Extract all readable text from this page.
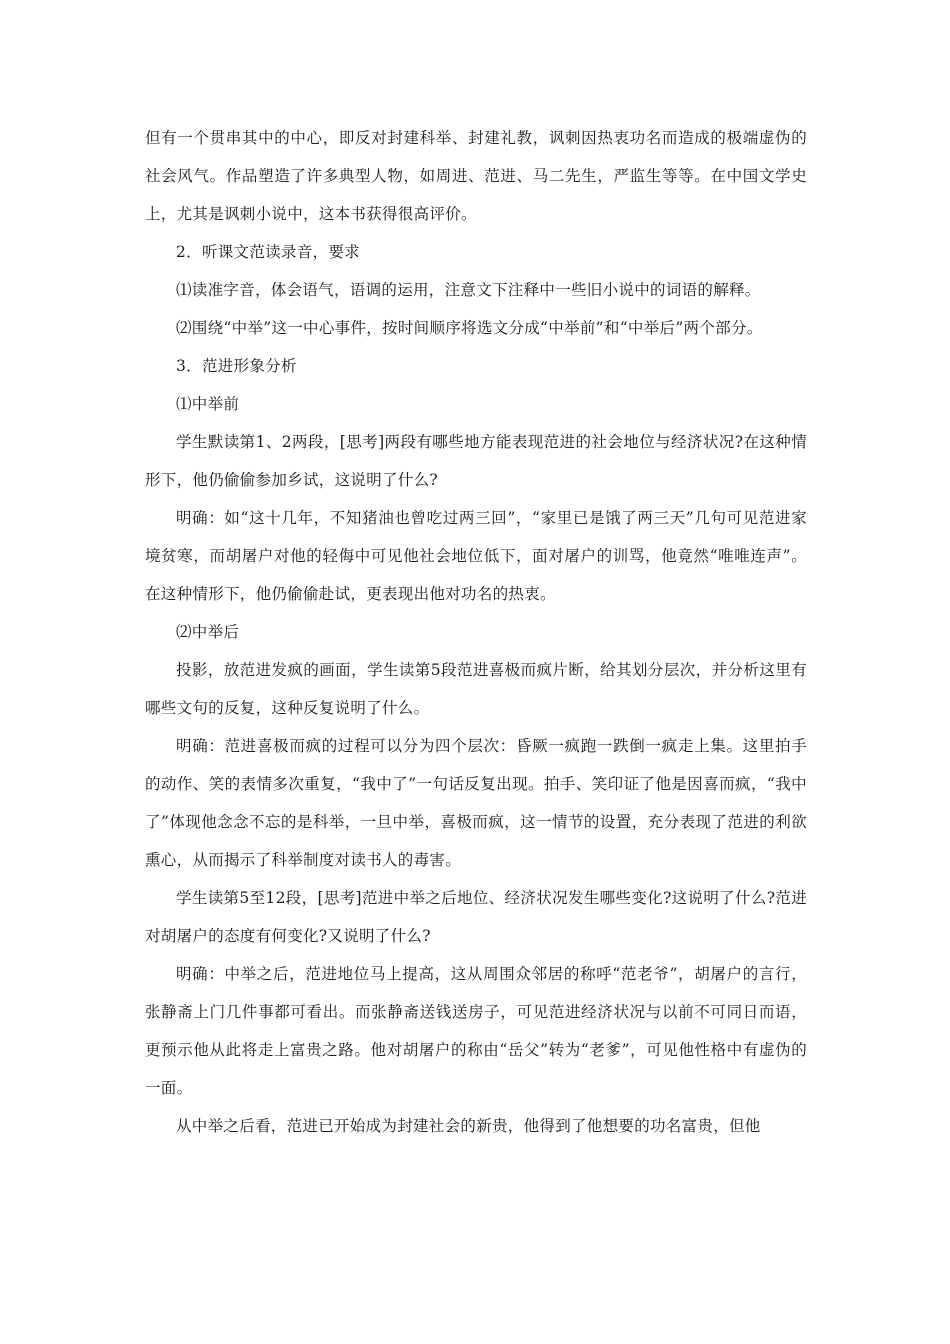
但有一个贯串其中的中心，即反对封建科举、封建礼教，讽刺因热衷功名而造成的极端虚伪的社会风气。作品塑造了许多典型人物，如周进、范进、马二先生，严监生等等。在中国文学史上，尤其是讽刺小说中，这本书获得很高评价。

2．听课文范读录音，要求

⑴读准字音，体会语气，语调的运用，注意文下注释中一些旧小说中的词语的解释。

⑵围绕“中举”这一中心事件，按时间顺序将选文分成“中举前”和“中举后”两个部分。

3．范进形象分析

⑴中举前

学生默读第1、2两段，[思考]两段有哪些地方能表现范进的社会地位与经济状况?在这种情形下，他仍偷偷参加乡试，这说明了什么?

明确：如“这十几年，不知猪油也曾吃过两三回”，“家里已是饿了两三天”几句可见范进家境贫寒，而胡屠户对他的轻侮中可见他社会地位低下，面对屠户的训骂，他竟然“唯唯连声”。在这种情形下，他仍偷偷赴试，更表现出他对功名的热衷。

⑵中举后

投影，放范进发疯的画面，学生读第5段范进喜极而疯片断，给其划分层次，并分析这里有哪些文句的反复，这种反复说明了什么。

明确：范进喜极而疯的过程可以分为四个层次：昏厥一疯跑一跌倒一疯走上集。这里拍手的动作、笑的表情多次重复，“我中了”一句话反复出现。拍手、笑印证了他是因喜而疯，“我中了”体现他念念不忘的是科举，一旦中举，喜极而疯，这一情节的设置，充分表现了范进的利欲熏心，从而揭示了科举制度对读书人的毒害。

学生读第5至12段，[思考]范进中举之后地位、经济状况发生哪些变化?这说明了什么?范进对胡屠户的态度有何变化?又说明了什么?

明确：中举之后，范进地位马上提高，这从周围众邻居的称呼“范老爷”，胡屠户的言行， 张静斋上门几件事都可看出。而张静斋送钱送房子，可见范进经济状况与以前不可同日而语，更预示他从此将走上富贵之路。他对胡屠户的称由“岳父”转为“老爹”，可见他性格中有虚伪的一面。

从中举之后看，范进已开始成为封建社会的新贵，他得到了他想要的功名富贵，但他
